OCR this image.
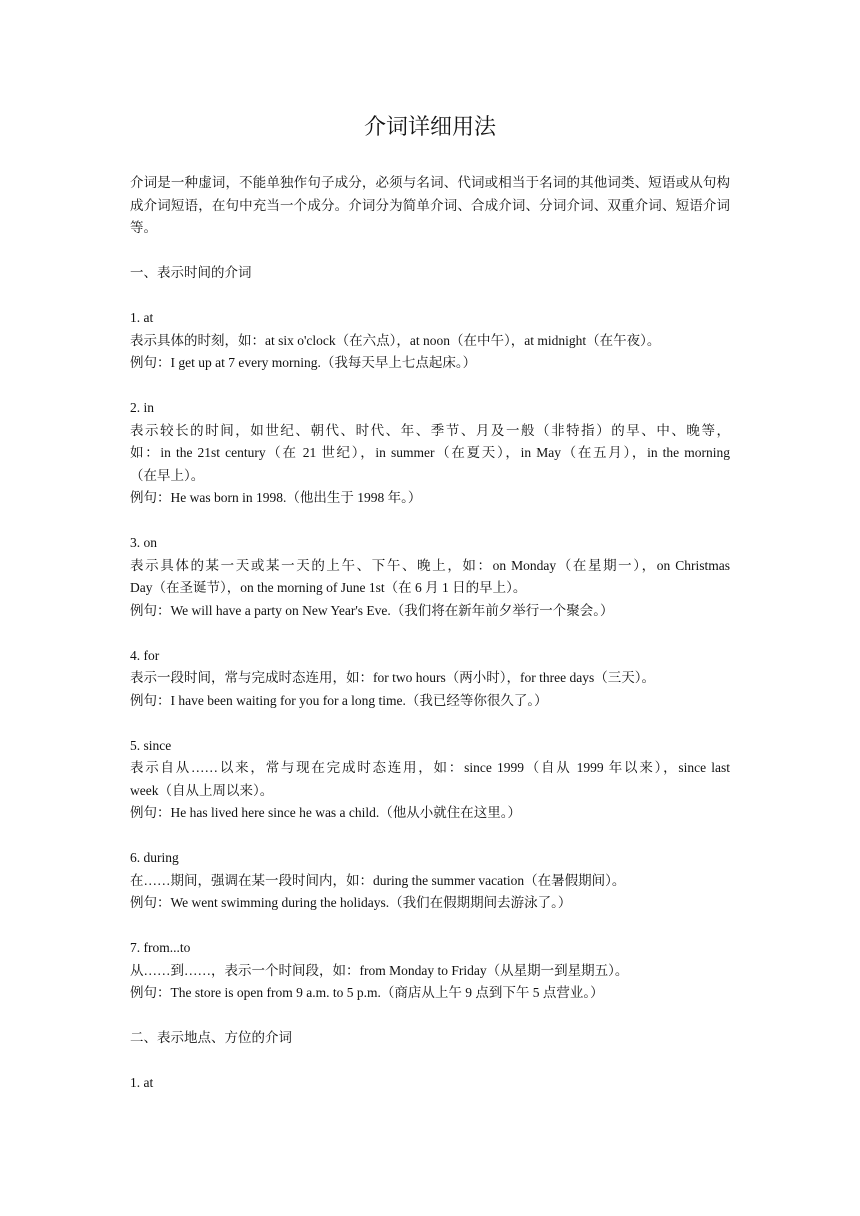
介词详细用法
介词是一种虚词，不能单独作句子成分，必须与名词、代词或相当于名词的其他词类、短语或从句构成介词短语，在句中充当一个成分。介词分为简单介词、合成介词、分词介词、双重介词、短语介词等。
一、表示时间的介词
1. at
表示具体的时刻，如：at six o'clock（在六点），at noon（在中午），at midnight（在午夜）。
例句：I get up at 7 every morning.（我每天早上七点起床。）
2. in
表示较长的时间，如世纪、朝代、时代、年、季节、月及一般（非特指）的早、中、晚等，
如：in the 21st century（在 21 世纪），in summer（在夏天），in May（在五月），in the morning
（在早上）。
例句：He was born in 1998.（他出生于 1998 年。）
3. on
表示具体的某一天或某一天的上午、下午、晚上，如：on Monday（在星期一），on Christmas
Day（在圣诞节），on the morning of June 1st（在 6 月 1 日的早上）。
例句：We will have a party on New Year's Eve.（我们将在新年前夕举行一个聚会。）
4. for
表示一段时间，常与完成时态连用，如：for two hours（两小时），for three days（三天）。
例句：I have been waiting for you for a long time.（我已经等你很久了。）
5. since
表示自从……以来，常与现在完成时态连用，如：since 1999（自从 1999 年以来），since last
week（自从上周以来）。
例句：He has lived here since he was a child.（他从小就住在这里。）
6. during
在……期间，强调在某一段时间内，如：during the summer vacation（在暑假期间）。
例句：We went swimming during the holidays.（我们在假期期间去游泳了。）
7. from...to
从……到……，表示一个时间段，如：from Monday to Friday（从星期一到星期五）。
例句：The store is open from 9 a.m. to 5 p.m.（商店从上午 9 点到下午 5 点营业。）
二、表示地点、方位的介词
1. at
